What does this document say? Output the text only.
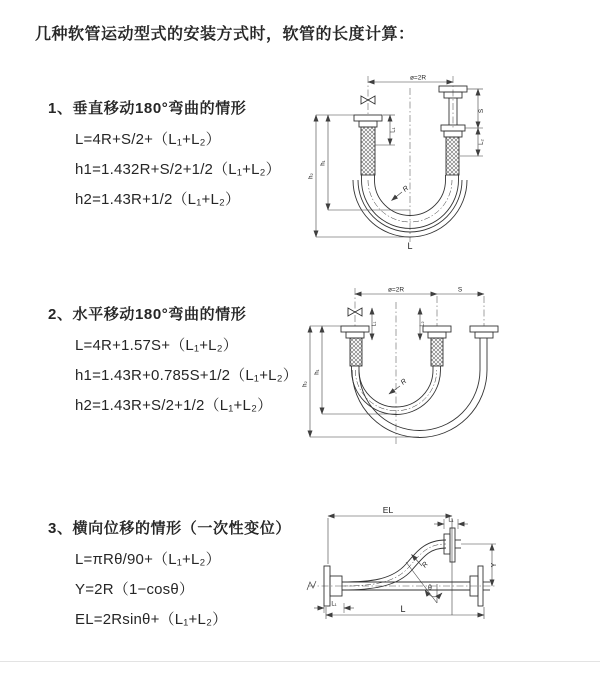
几种软管运动型式的安装方式时，软管的长度计算：
1、垂直移动180°弯曲的情形
L=4R+S/2+（L₁+L₂）
h1=1.432R+S/2+1/2（L₁+L₂）
h2=1.43R+1/2（L₁+L₂）
2、水平移动180°弯曲的情形
L=4R+1.57S+（L₁+L₂）
h1=1.43R+0.785S+1/2（L₁+L₂）
h2=1.43R+S/2+1/2（L₁+L₂）
3、横向位移的情形（一次性变位）
L=πRθ/90+（L₁+L₂）
Y=2R（1−cosθ）
EL=2Rsinθ+（L₁+L₂）
ø=2R
S
L₂
L₁
h₁
h₂
R
L
ø=2R	S
L₁	L₂
h₁
h₂	R
EL
L₁
Y
R
θ
L
L₁
